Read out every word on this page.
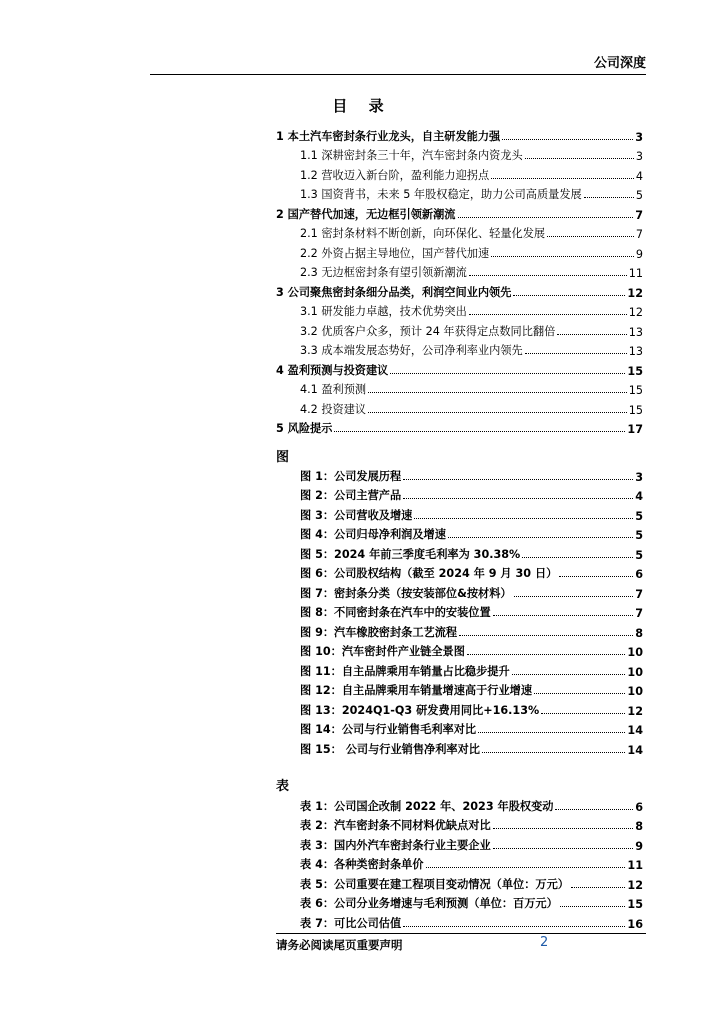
公司深度
目 录
1 本土汽车密封条行业龙头，自主研发能力强	3
1.1 深耕密封条三十年，汽车密封条内资龙头	3
1.2 营收迈入新台阶，盈利能力迎拐点	4
1.3 国资背书，未来 5 年股权稳定，助力公司高质量发展	5
2 国产替代加速，无边框引领新潮流	7
2.1 密封条材料不断创新，向环保化、轻量化发展	7
2.2 外资占据主导地位，国产替代加速	9
2.3 无边框密封条有望引领新潮流	11
3 公司聚焦密封条细分品类，利润空间业内领先	12
3.1 研发能力卓越，技术优势突出	12
3.2 优质客户众多，预计 24 年获得定点数同比翻倍	13
3.3 成本端发展态势好，公司净利率业内领先	13
4 盈利预测与投资建议	15
4.1 盈利预测	15
4.2 投资建议	15
5 风险提示	17
图
图 1：公司发展历程	3
图 2：公司主营产品	4
图 3：公司营收及增速	5
图 4：公司归母净利润及增速	5
图 5：2024 年前三季度毛利率为 30.38%	5
图 6：公司股权结构（截至 2024 年 9 月 30 日）	6
图 7：密封条分类（按安装部位&按材料）	7
图 8：不同密封条在汽车中的安装位置	7
图 9：汽车橡胶密封条工艺流程	8
图 10：汽车密封件产业链全景图	10
图 11：自主品牌乘用车销量占比稳步提升	10
图 12：自主品牌乘用车销量增速高于行业增速	10
图 13：2024Q1-Q3 研发费用同比+16.13%	12
图 14：公司与行业销售毛利率对比	14
图 15： 公司与行业销售净利率对比	14
表
表 1：公司国企改制 2022 年、2023 年股权变动	6
表 2：汽车密封条不同材料优缺点对比	8
表 3：国内外汽车密封条行业主要企业	9
表 4：各种类密封条单价	11
表 5：公司重要在建工程项目变动情况（单位：万元）	12
表 6：公司分业务增速与毛利预测（单位：百万元）	15
表 7：可比公司估值	16
请务必阅读尾页重要声明	2
